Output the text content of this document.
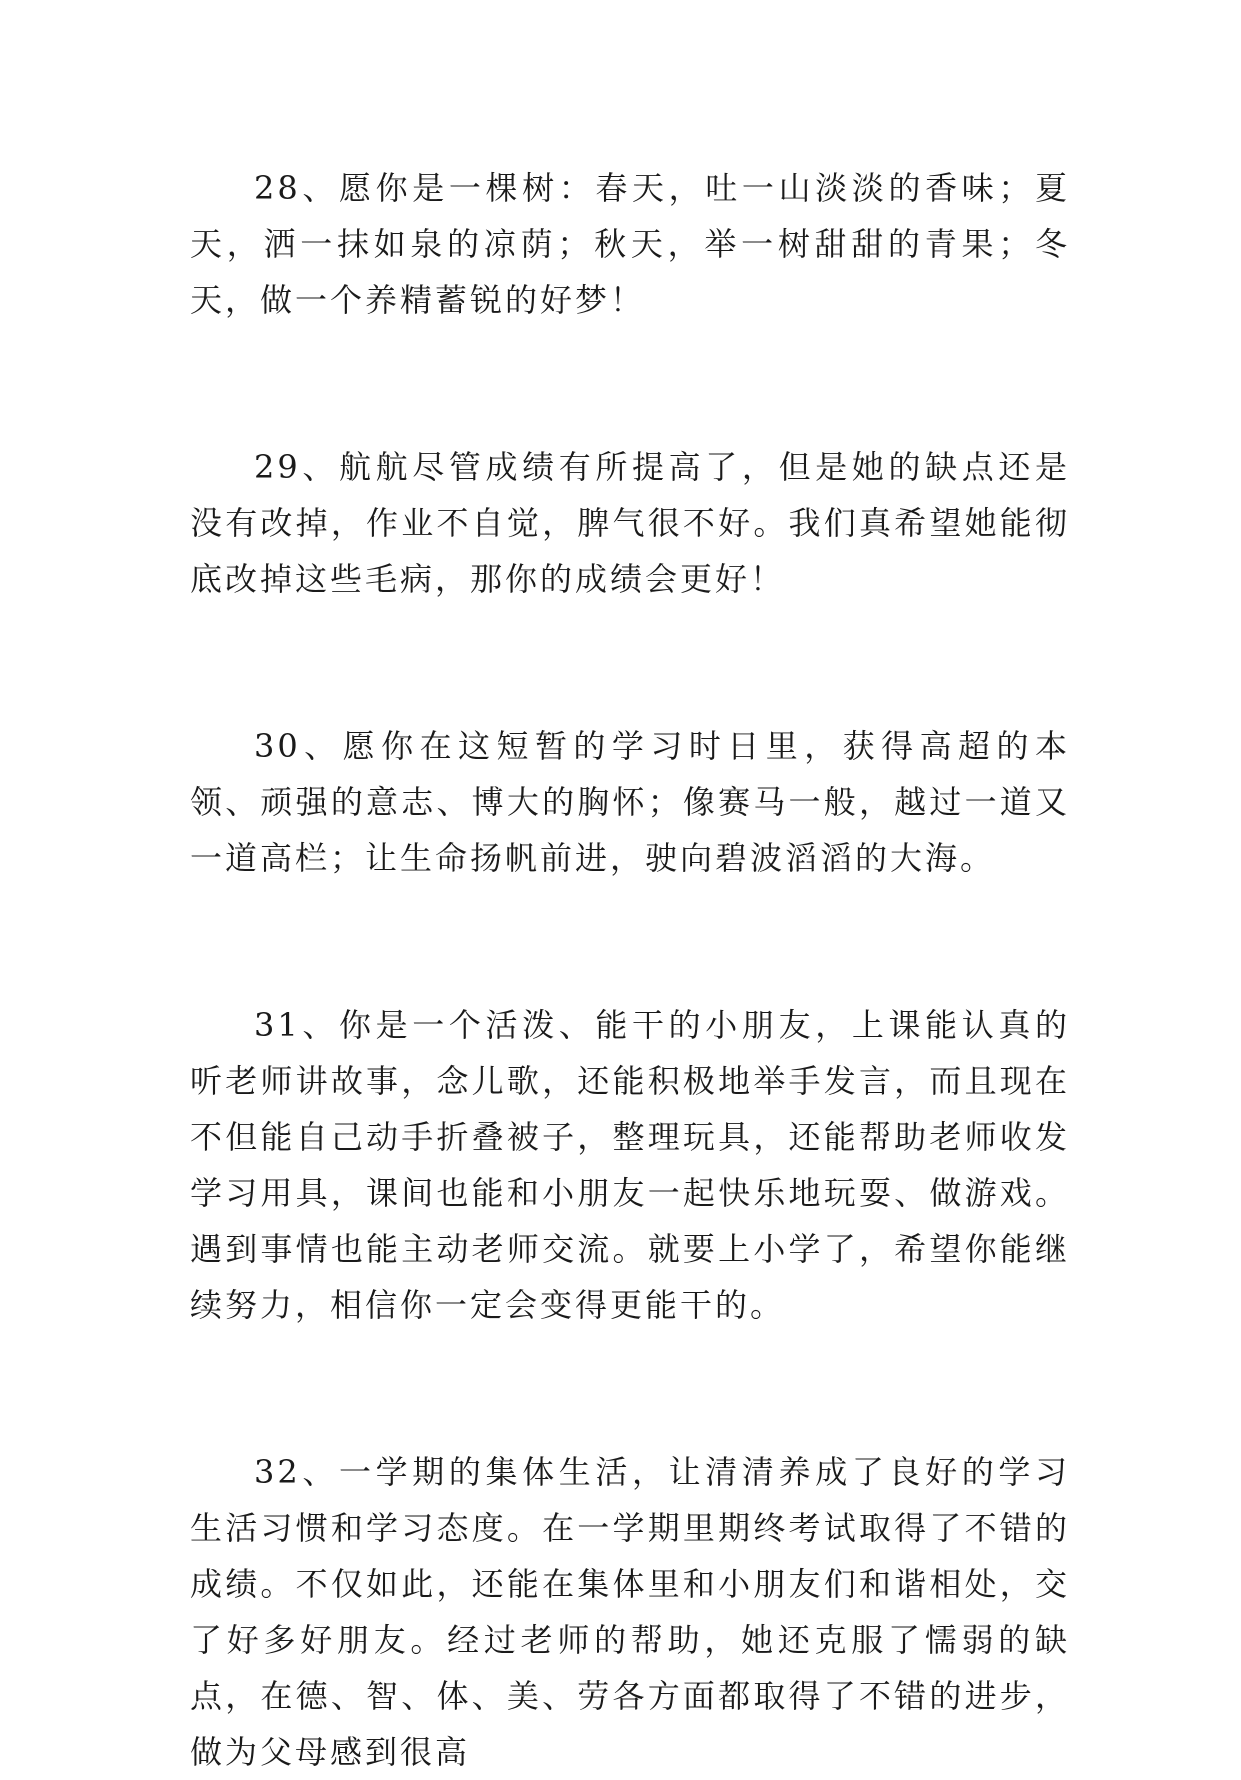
28、愿你是一棵树：春天，吐一山淡淡的香味；夏天，洒一抹如泉的凉荫；秋天，举一树甜甜的青果；冬天，做一个养精蓄锐的好梦！

29、航航尽管成绩有所提高了，但是她的缺点还是没有改掉，作业不自觉，脾气很不好。我们真希望她能彻底改掉这些毛病，那你的成绩会更好！

30、愿你在这短暂的学习时日里，获得高超的本领、顽强的意志、博大的胸怀；像赛马一般，越过一道又一道高栏；让生命扬帆前进，驶向碧波滔滔的大海。

31、你是一个活泼、能干的小朋友，上课能认真的听老师讲故事，念儿歌，还能积极地举手发言，而且现在不但能自己动手折叠被子，整理玩具，还能帮助老师收发学习用具，课间也能和小朋友一起快乐地玩耍、做游戏。遇到事情也能主动老师交流。就要上小学了，希望你能继续努力，相信你一定会变得更能干的。

32、一学期的集体生活，让清清养成了良好的学习生活习惯和学习态度。在一学期里期终考试取得了不错的成绩。不仅如此，还能在集体里和小朋友们和谐相处，交了好多好朋友。经过老师的帮助，她还克服了懦弱的缺点，在德、智、体、美、劳各方面都取得了不错的进步，做为父母感到很高
